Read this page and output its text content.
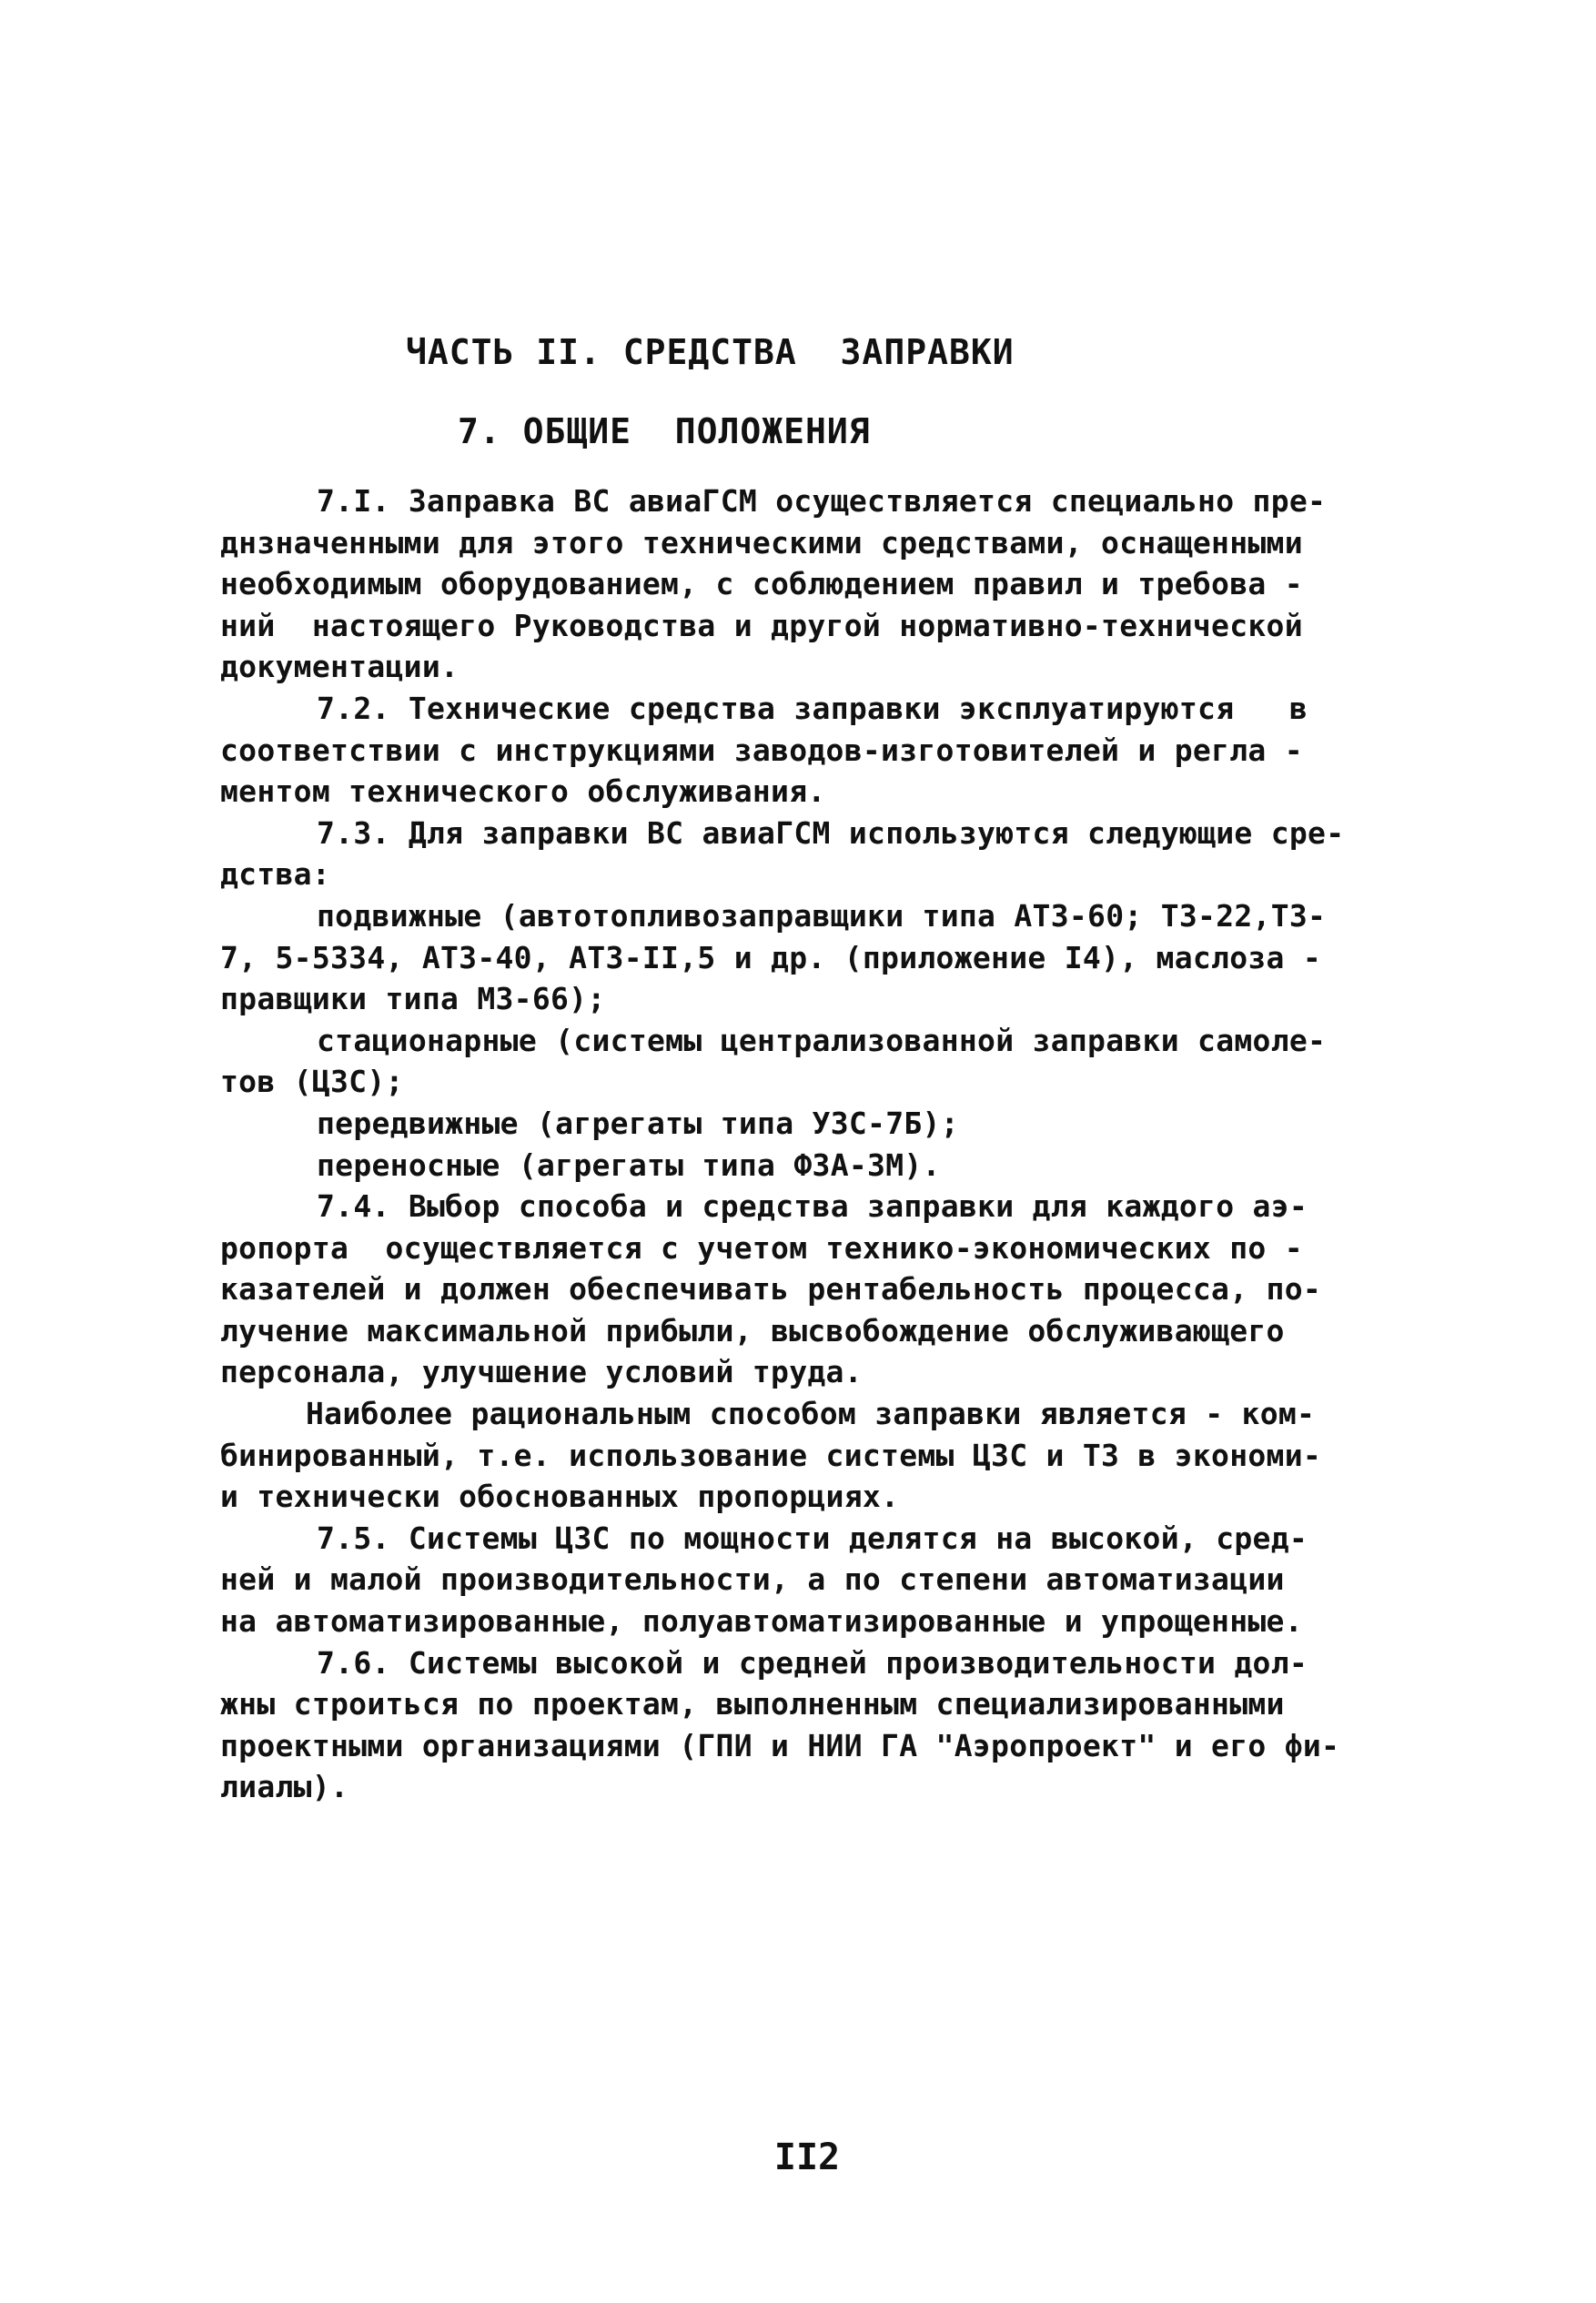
ЧАСТЬ II. СРЕДСТВА  ЗАПРАВКИ
7. ОБЩИЕ  ПОЛОЖЕНИЯ
7.I. Заправка ВС авиаГСМ осуществляется специально пре-
днзначенными для этого техническими средствами, оснащенными
необходимым оборудованием, с соблюдением правил и требова -
ний  настоящего Руководства и другой нормативно-технической
документации.
7.2. Технические средства заправки эксплуатируются   в
соответствии с инструкциями заводов-изготовителей и регла -
ментом технического обслуживания.
7.3. Для заправки ВС авиаГСМ используются следующие сре-
дства:
подвижные (автотопливозаправщики типа АТЗ-60; ТЗ-22,ТЗ-
7, 5-5334, АТЗ-40, АТЗ-II,5 и др. (приложение I4), маслоза -
правщики типа МЗ-66);
стационарные (системы централизованной заправки самоле-
тов (ЦЗС);
передвижные (агрегаты типа УЗС-7Б);
переносные (агрегаты типа ФЗА-ЗМ).
7.4. Выбор способа и средства заправки для каждого аэ-
ропорта  осуществляется с учетом технико-экономических по -
казателей и должен обеспечивать рентабельность процесса, по-
лучение максимальной прибыли, высвобождение обслуживающего
персонала, улучшение условий труда.
Наиболее рациональным способом заправки является - ком-
бинированный, т.е. использование системы ЦЗС и ТЗ в экономи-
и технически обоснованных пропорциях.
7.5. Системы ЦЗС по мощности делятся на высокой, сред-
ней и малой производительности, а по степени автоматизации
на автоматизированные, полуавтоматизированные и упрощенные.
7.6. Системы высокой и средней производительности дол-
жны строиться по проектам, выполненным специализированными
проектными организациями (ГПИ и НИИ ГА "Аэропроект" и его фи-
лиалы).
II2
